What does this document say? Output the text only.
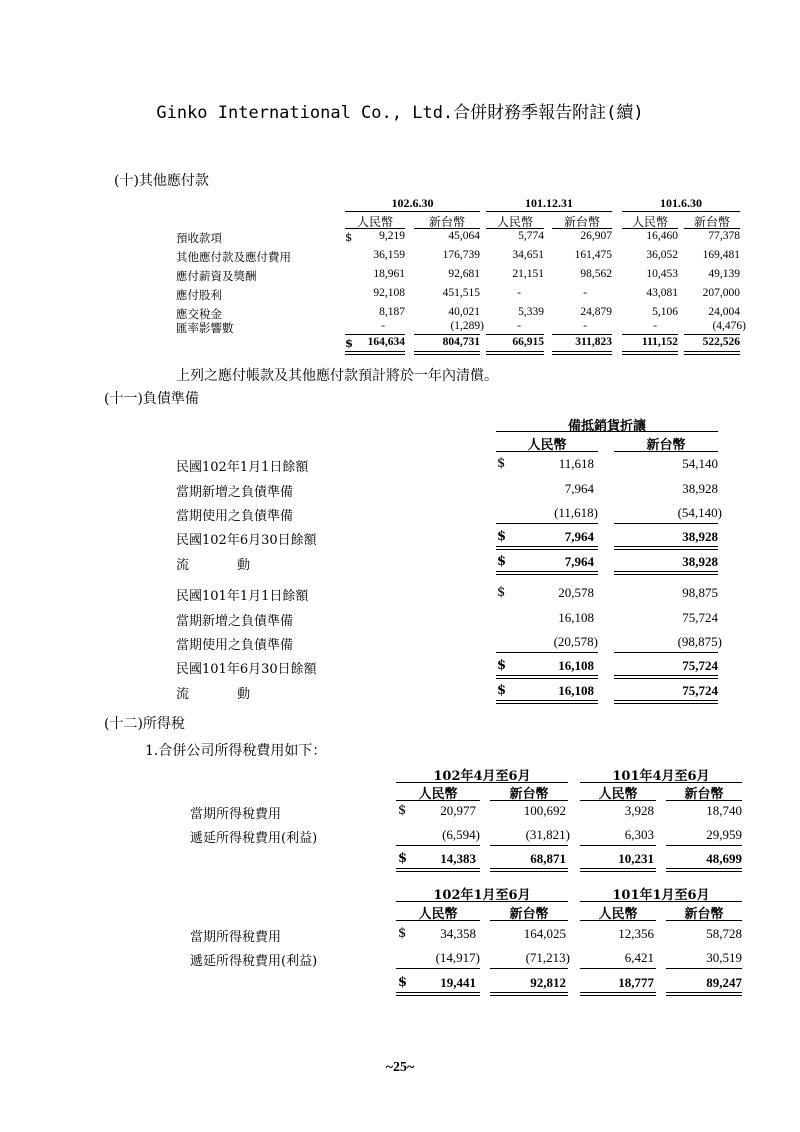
Ginko International Co., Ltd.合併財務季報告附註(續)
(十)其他應付款
102.6.30	101.12.31	101.6.30
人民幣	新台幣	人民幣	新台幣	人民幣	新台幣
$
預收款項	9,219	45,064	5,774	26,907	16,460	77,378
其他應付款及應付費用	36,159	176,739	34,651	161,475	36,052	169,481
應付薪資及獎酬	18,961	92,681	21,151	98,562	10,453	49,139
應付股利	92,108	451,515	-	-	43,081	207,000
應交稅金	8,187	40,021	5,339	24,879	5,106	24,004
匯率影響數	-	(1,289)	-	-	-	(4,476)
$	164,634	804,731	66,915	311,823	111,152	522,526
上列之應付帳款及其他應付款預計將於一年內清償。
(十一)負債準備
備抵銷貨折讓
人民幣	新台幣
民國102年1月1日餘額	$	11,618	54,140
當期新增之負債準備	7,964	38,928
當期使用之負債準備	(11,618)	(54,140)
民國102年6月30日餘額	$	7,964	38,928
流 動	$	7,964	38,928
民國101年1月1日餘額	$	20,578	98,875
當期新增之負債準備	16,108	75,724
當期使用之負債準備	(20,578)	(98,875)
民國101年6月30日餘額	$	16,108	75,724
流 動	$	16,108	75,724
(十二)所得稅
1.合併公司所得稅費用如下：
102年4月至6月	101年4月至6月
人民幣	新台幣	人民幣	新台幣
當期所得稅費用	$	20,977	100,692	3,928	18,740
遞延所得稅費用(利益)	(6,594)	(31,821)	6,303	29,959
$	14,383	68,871	10,231	48,699
102年1月至6月	101年1月至6月
人民幣	新台幣	人民幣	新台幣
當期所得稅費用	$	34,358	164,025	12,356	58,728
遞延所得稅費用(利益)	(14,917)	(71,213)	6,421	30,519
$	19,441	92,812	18,777	89,247
~25~
